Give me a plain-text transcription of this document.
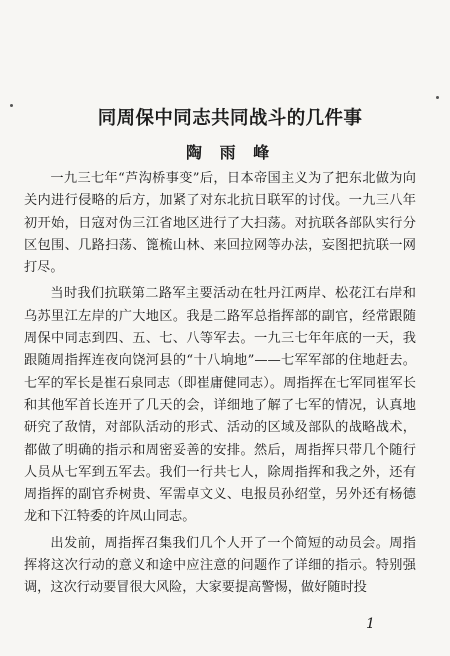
同周保中同志共同战斗的几件事
陶 雨 峰

一九三七年“芦沟桥事变”后，日本帝国主义为了把东北做为向关内进行侵略的后方，加紧了对东北抗日联军的讨伐。一九三八年初开始，日寇对伪三江省地区进行了大扫荡。对抗联各部队实行分区包围、几路扫荡、篦梳山林、来回拉网等办法，妄图把抗联一网打尽。

当时我们抗联第二路军主要活动在牡丹江两岸、松花江右岸和乌苏里江左岸的广大地区。我是二路军总指挥部的副官，经常跟随周保中同志到四、五、七、八等军去。一九三七年年底的一天，我跟随周指挥连夜向饶河县的“十八垧地”——七军军部的住地赶去。七军的军长是崔石泉同志（即崔庸健同志）。周指挥在七军同崔军长和其他军首长连开了几天的会，详细地了解了七军的情况，认真地研究了敌情，对部队活动的形式、活动的区域及部队的战略战术，都做了明确的指示和周密妥善的安排。然后，周指挥只带几个随行人员从七军到五军去。我们一行共七人，除周指挥和我之外，还有周指挥的副官乔树贵、军需卓文义、电报员孙绍堂，另外还有杨德龙和下江特委的许凤山同志。

出发前，周指挥召集我们几个人开了一个简短的动员会。周指挥将这次行动的意义和途中应注意的问题作了详细的指示。特别强调，这次行动要冒很大风险，大家要提高警惕，做好随时投

1
